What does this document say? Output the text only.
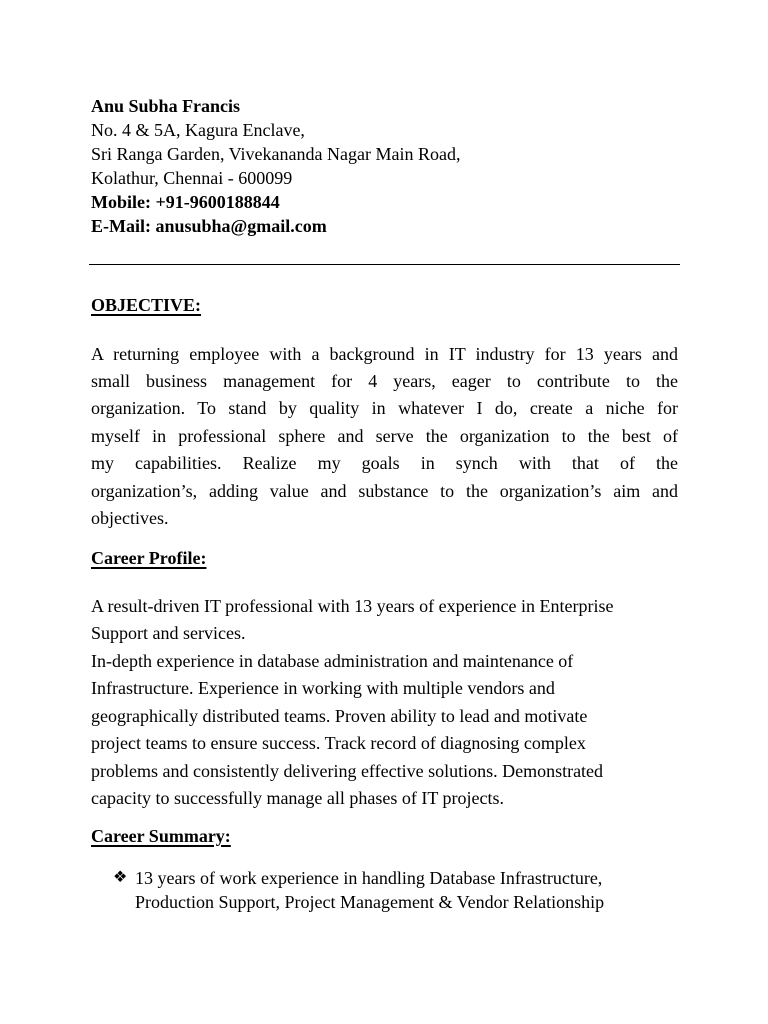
Anu Subha Francis
No. 4 & 5A, Kagura Enclave,
Sri Ranga Garden, Vivekananda Nagar Main Road,
Kolathur, Chennai - 600099
Mobile: +91-9600188844
E-Mail: anusubha@gmail.com
OBJECTIVE:
A returning employee with a background in IT industry for 13 years and
small business management for 4 years, eager to contribute to the
organization. To stand by quality in whatever I do, create a niche for
myself in professional sphere and serve the organization to the best of
my capabilities. Realize my goals in synch with that of the
organization’s, adding value and substance to the organization’s aim and
objectives.
Career Profile:
A result-driven IT professional with 13 years of experience in Enterprise
Support and services.
In-depth experience in database administration and maintenance of
Infrastructure. Experience in working with multiple vendors and
geographically distributed teams. Proven ability to lead and motivate
project teams to ensure success. Track record of diagnosing complex
problems and consistently delivering effective solutions. Demonstrated
capacity to successfully manage all phases of IT projects.
Career Summary:
❖ 13 years of work experience in handling Database Infrastructure,
Production Support, Project Management & Vendor Relationship
